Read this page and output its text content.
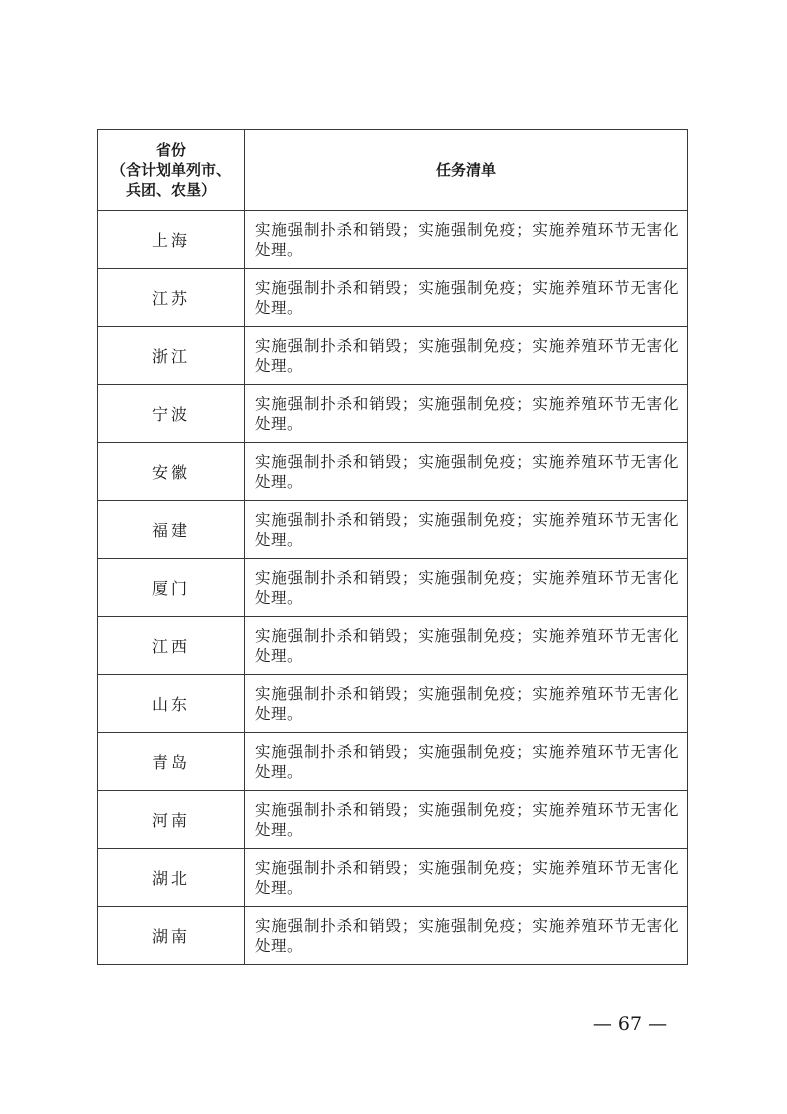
省份
（含计划单列市、
兵团、农垦）	任务清单
上海	实施强制扑杀和销毁；实施强制免疫；实施养殖环节无害化处理。
江苏	实施强制扑杀和销毁；实施强制免疫；实施养殖环节无害化处理。
浙江	实施强制扑杀和销毁；实施强制免疫；实施养殖环节无害化处理。
宁波	实施强制扑杀和销毁；实施强制免疫；实施养殖环节无害化处理。
安徽	实施强制扑杀和销毁；实施强制免疫；实施养殖环节无害化处理。
福建	实施强制扑杀和销毁；实施强制免疫；实施养殖环节无害化处理。
厦门	实施强制扑杀和销毁；实施强制免疫；实施养殖环节无害化处理。
江西	实施强制扑杀和销毁；实施强制免疫；实施养殖环节无害化处理。
山东	实施强制扑杀和销毁；实施强制免疫；实施养殖环节无害化处理。
青岛	实施强制扑杀和销毁；实施强制免疫；实施养殖环节无害化处理。
河南	实施强制扑杀和销毁；实施强制免疫；实施养殖环节无害化处理。
湖北	实施强制扑杀和销毁；实施强制免疫；实施养殖环节无害化处理。
湖南	实施强制扑杀和销毁；实施强制免疫；实施养殖环节无害化处理。
— 67 —
